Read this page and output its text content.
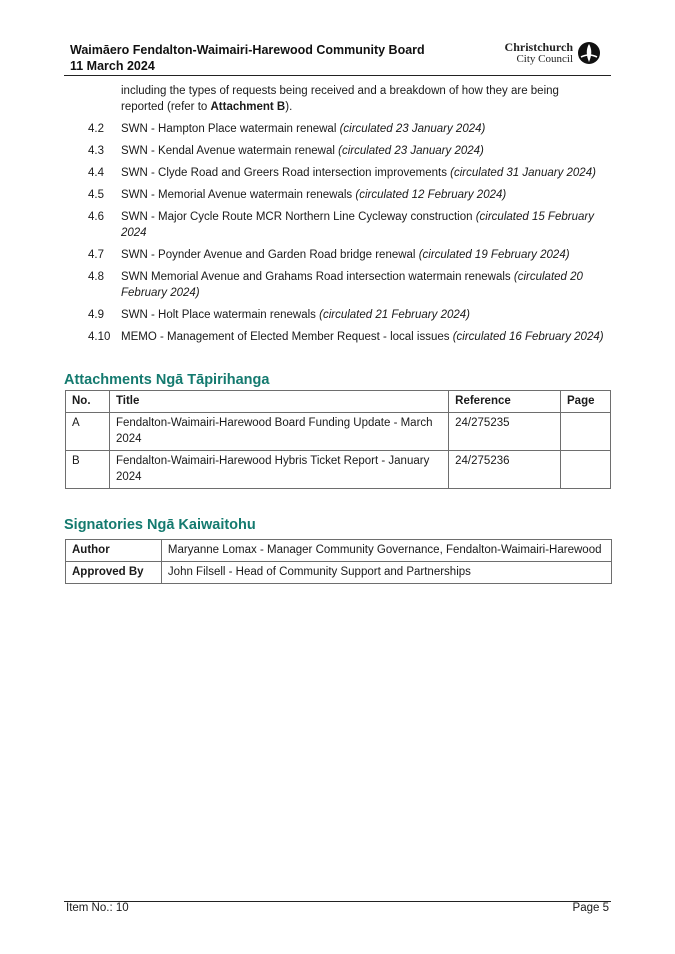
Waimāero Fendalton-Waimairi-Harewood Community Board
11 March 2024
Christchurch
City Council
including the types of requests being received and a breakdown of how they are being reported (refer to Attachment B).
4.2 SWN - Hampton Place watermain renewal (circulated 23 January 2024)
4.3 SWN - Kendal Avenue watermain renewal (circulated 23 January 2024)
4.4 SWN - Clyde Road and Greers Road intersection improvements (circulated 31 January 2024)
4.5 SWN - Memorial Avenue watermain renewals (circulated 12 February 2024)
4.6 SWN - Major Cycle Route MCR Northern Line Cycleway construction (circulated 15 February 2024
4.7 SWN - Poynder Avenue and Garden Road bridge renewal (circulated 19 February 2024)
4.8 SWN Memorial Avenue and Grahams Road intersection watermain renewals (circulated 20 February 2024)
4.9 SWN - Holt Place watermain renewals (circulated 21 February 2024)
4.10 MEMO - Management of Elected Member Request - local issues (circulated 16 February 2024)
Attachments Ngā Tāpirihanga
No.	Title	Reference	Page
A	Fendalton-Waimairi-Harewood Board Funding Update - March 2024	24/275235	
B	Fendalton-Waimairi-Harewood Hybris Ticket Report - January 2024	24/275236	
Signatories Ngā Kaiwaitohu
Author	Maryanne Lomax - Manager Community Governance, Fendalton-Waimairi-Harewood
Approved By	John Filsell - Head of Community Support and Partnerships
Item No.: 10	Page 5
